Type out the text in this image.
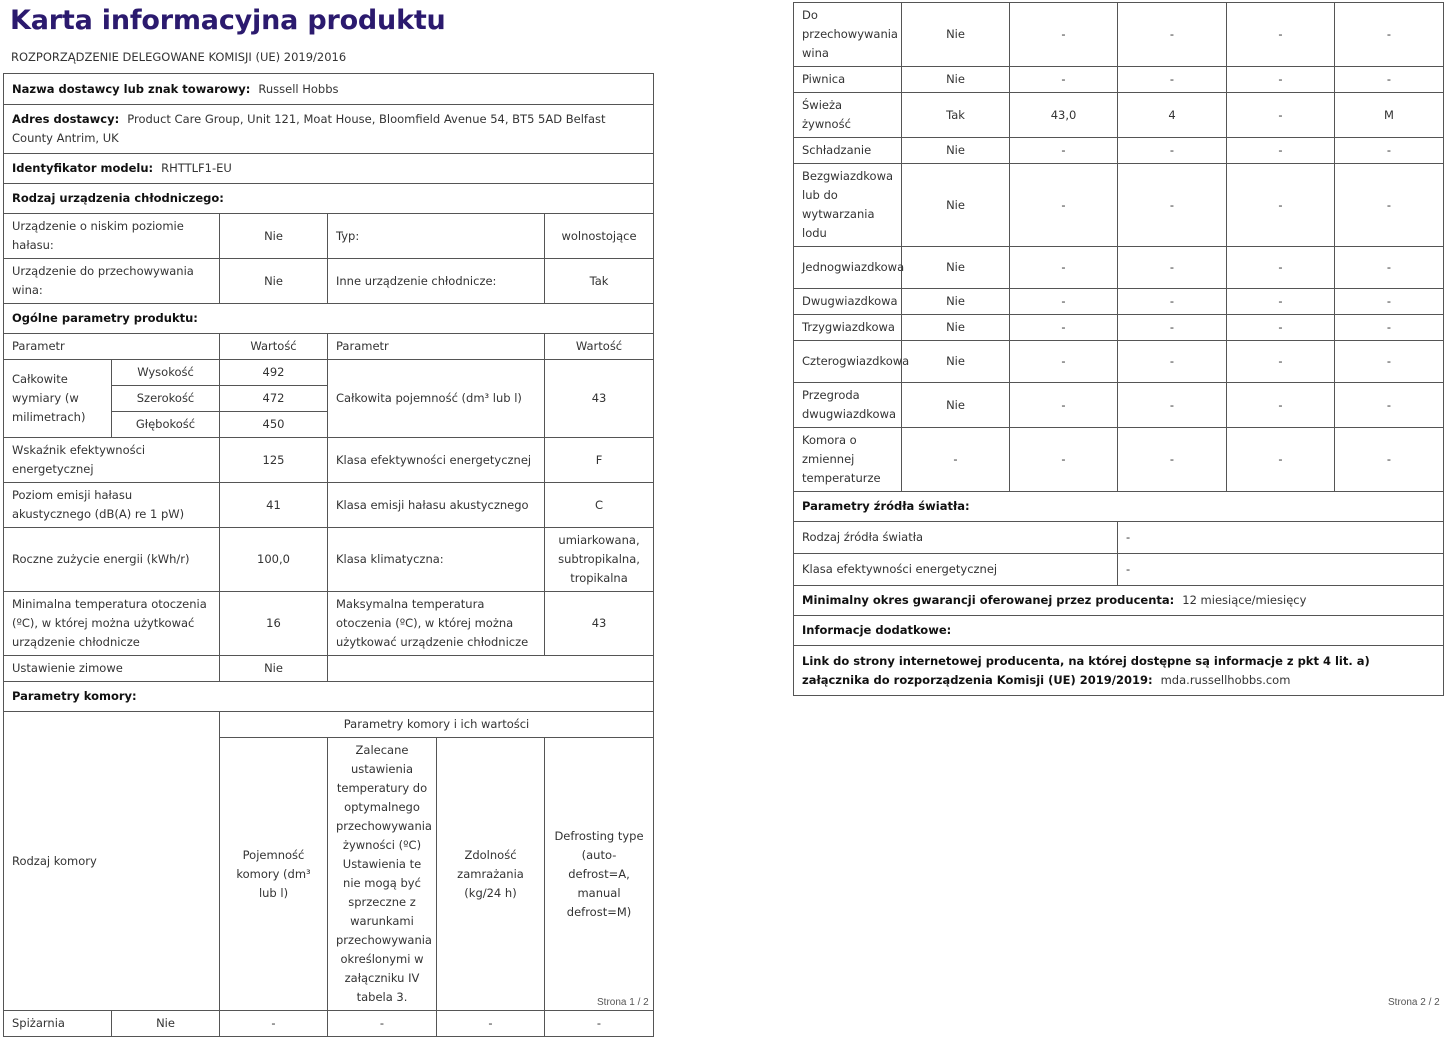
Karta informacyjna produktu
ROZPORZĄDZENIE DELEGOWANE KOMISJI (UE) 2019/2016
Nazwa dostawcy lub znak towarowy: Russell Hobbs					
Adres dostawcy: Product Care Group, Unit 121, Moat House, Bloomfield Avenue 54, BT5 5AD Belfast County Antrim, UK					
Identyfikator modelu: RHTTLF1-EU					
Rodzaj urządzenia chłodniczego:					
Urządzenie o niskim poziomie hałasu:		Nie	Typ:		wolnostojące
Urządzenie do przechowywania wina:		Nie	Inne urządzenie chłodnicze:		Tak
Ogólne parametry produktu:					
Parametr		Wartość	Parametr		Wartość
Całkowite wymiary (w milimetrach)	Wysokość	492	Całkowita pojemność (dm³ lub l)		43
	Szerokość	472			
	Głębokość	450			
Wskaźnik efektywności energetycznej		125	Klasa efektywności energetycznej		F
Poziom emisji hałasu akustycznego (dB(A) re 1 pW)		41	Klasa emisji hałasu akustycznego		C
Roczne zużycie energii (kWh/r)		100,0	Klasa klimatyczna:		umiarkowana, subtropikalna, tropikalna
Minimalna temperatura otoczenia (ºC), w której można użytkować urządzenie chłodnicze		16	Maksymalna temperatura otoczenia (ºC), w której można użytkować urządzenie chłodnicze		43
Ustawienie zimowe		Nie			
Parametry komory:					
Rodzaj komory		Parametry komory i ich wartości			
		Pojemność komory (dm³ lub l)	Zalecane ustawienia temperatury do optymalnego przechowywania żywności (ºC) Ustawienia te nie mogą być sprzeczne z warunkami przechowywania określonymi w załączniku IV tabela 3.	Zdolność zamrażania (kg/24 h)	Defrosting type (auto-defrost=A, manual defrost=M)
Spiżarnia	Nie	-	-	-	-
Strona 1 / 2
Do przechowywania wina	Nie	-	-	-	-
Piwnica	Nie	-	-	-	-
Świeża żywność	Tak	43,0	4	-	M
Schładzanie	Nie	-	-	-	-
Bezgwiazdkowa lub do wytwarzania lodu	Nie	-	-	-	-
Jednogwiazdkowa	Nie	-	-	-	-
Dwugwiazdkowa	Nie	-	-	-	-
Trzygwiazdkowa	Nie	-	-	-	-
Czterogwiazdkowa	Nie	-	-	-	-
Przegroda dwugwiazdkowa	Nie	-	-	-	-
Komora o zmiennej temperaturze	-	-	-	-	-
Parametry źródła światła:					
Rodzaj źródła światła			-		
Klasa efektywności energetycznej			-		
Minimalny okres gwarancji oferowanej przez producenta: 12 miesiące/miesięcy					
Informacje dodatkowe:					
Link do strony internetowej producenta, na której dostępne są informacje z pkt 4 lit. a) załącznika do rozporządzenia Komisji (UE) 2019/2019: mda.russellhobbs.com					
Strona 2 / 2
